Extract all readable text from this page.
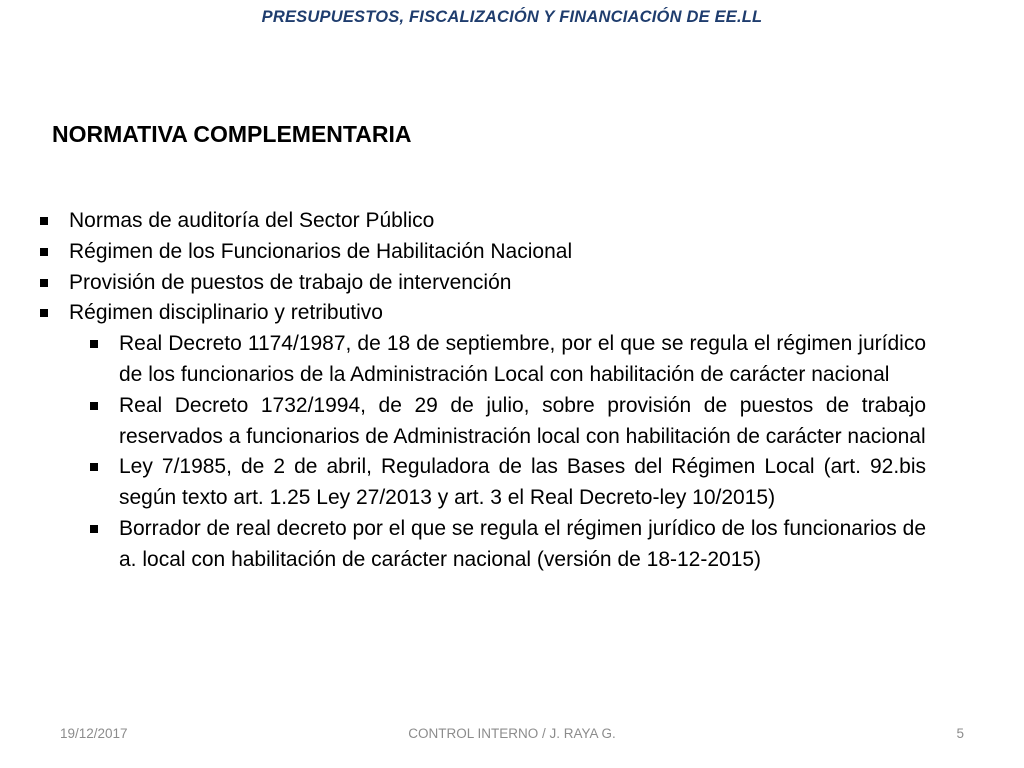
PRESUPUESTOS, FISCALIZACIÓN Y FINANCIACIÓN DE EE.LL
NORMATIVA COMPLEMENTARIA
Normas de auditoría del Sector Público
Régimen de los Funcionarios de Habilitación Nacional
Provisión de puestos de trabajo de intervención
Régimen disciplinario y retributivo
Real Decreto 1174/1987, de 18 de septiembre, por el que se regula el régimen jurídico de los funcionarios de la Administración Local con habilitación de carácter nacional
Real Decreto 1732/1994, de 29 de julio, sobre provisión de puestos de trabajo reservados a funcionarios de Administración local con habilitación de carácter nacional
Ley 7/1985, de 2 de abril, Reguladora de las Bases del Régimen Local (art. 92.bis según texto art. 1.25 Ley 27/2013 y art. 3 el Real Decreto-ley 10/2015)
Borrador de real decreto por el que se regula el régimen jurídico de los funcionarios de a. local con habilitación de carácter nacional (versión de 18-12-2015)
19/12/2017	CONTROL INTERNO / J. RAYA G.	5
